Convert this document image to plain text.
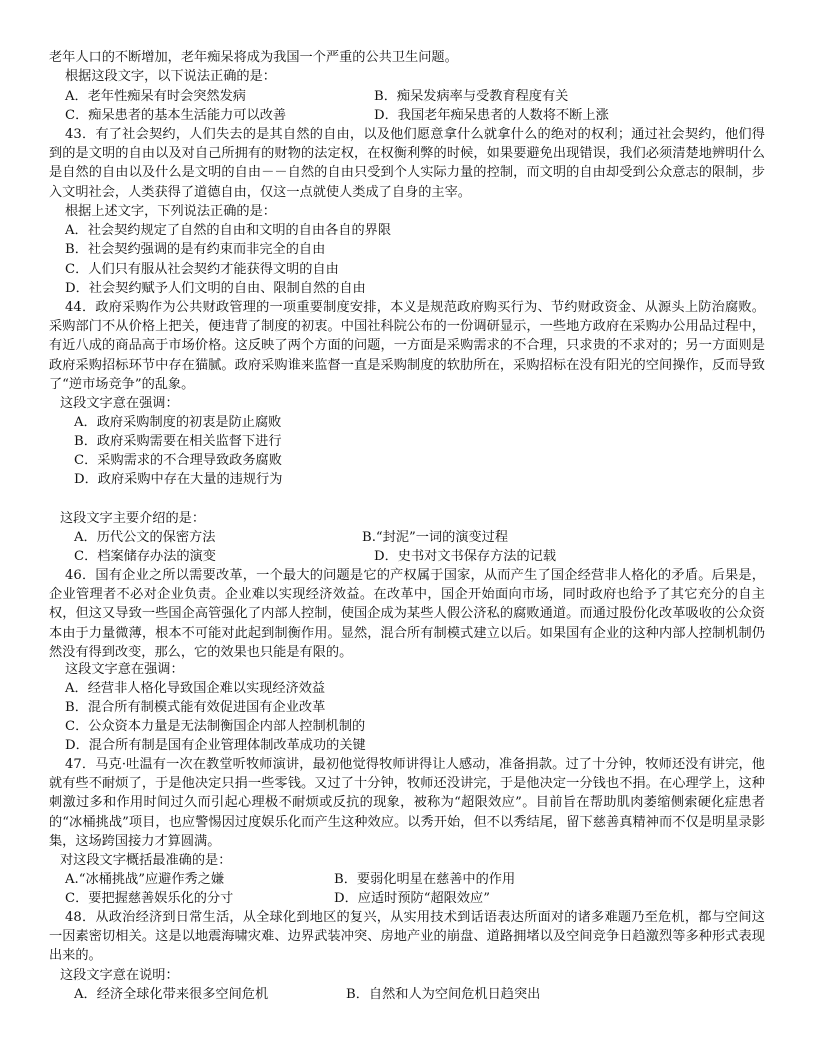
老年人口的不断增加，老年痴呆将成为我国一个严重的公共卫生问题。
根据这段文字，以下说法正确的是：
A．老年性痴呆有时会突然发病	B．痴呆发病率与受教育程度有关
C．痴呆患者的基本生活能力可以改善	D．我国老年痴呆患者的人数将不断上涨
43．有了社会契约，人们失去的是其自然的自由，以及他们愿意拿什么就拿什么的绝对的权利；通过社会契约，他们得到的是文明的自由以及对自己所拥有的财物的法定权，在权衡利弊的时候，如果要避免出现错误，我们必须清楚地辨明什么是自然的自由以及什么是文明的自由－－自然的自由只受到个人实际力量的控制，而文明的自由却受到公众意志的限制，步入文明社会，人类获得了道德自由，仅这一点就使人类成了自身的主宰。
根据上述文字，下列说法正确的是：
A．社会契约规定了自然的自由和文明的自由各自的界限
B．社会契约强调的是有约束而非完全的自由
C．人们只有服从社会契约才能获得文明的自由
D．社会契约赋予人们文明的自由、限制自然的自由
44．政府采购作为公共财政管理的一项重要制度安排，本义是规范政府购买行为、节约财政资金、从源头上防治腐败。采购部门不从价格上把关，便违背了制度的初衷。中国社科院公布的一份调研显示，一些地方政府在采购办公用品过程中，有近八成的商品高于市场价格。这反映了两个方面的问题，一方面是采购需求的不合理，只求贵的不求对的；另一方面则是政府采购招标环节中存在猫腻。政府采购谁来监督一直是采购制度的软肋所在，采购招标在没有阳光的空间操作，反而导致了“逆市场竞争”的乱象。
这段文字意在强调：
A．政府采购制度的初衷是防止腐败
B．政府采购需要在相关监督下进行
C．采购需求的不合理导致政务腐败
D．政府采购中存在大量的违规行为
这段文字主要介绍的是：
A．历代公文的保密方法	B.“封泥”一词的演变过程
C．档案储存办法的演变	D．史书对文书保存方法的记载
46．国有企业之所以需要改革，一个最大的问题是它的产权属于国家，从而产生了国企经营非人格化的矛盾。后果是，企业管理者不必对企业负责。企业难以实现经济效益。在改革中，国企开始面向市场，同时政府也给予了其它充分的自主权，但这又导致一些国企高管强化了内部人控制，使国企成为某些人假公济私的腐败通道。而通过股份化改革吸收的公众资本由于力量微薄，根本不可能对此起到制衡作用。显然，混合所有制模式建立以后。如果国有企业的这种内部人控制机制仍然没有得到改变，那么，它的效果也只能是有限的。
这段文字意在强调：
A．经营非人格化导致国企难以实现经济效益
B．混合所有制模式能有效促进国有企业改革
C．公众资本力量是无法制衡国企内部人控制机制的
D．混合所有制是国有企业管理体制改革成功的关键
47．马克·吐温有一次在教堂听牧师演讲，最初他觉得牧师讲得让人感动，准备捐款。过了十分钟，牧师还没有讲完，他就有些不耐烦了，于是他决定只捐一些零钱。又过了十分钟，牧师还没讲完，于是他决定一分钱也不捐。在心理学上，这种刺激过多和作用时间过久而引起心理极不耐烦或反抗的现象，被称为“超限效应”。目前旨在帮助肌肉萎缩侧索硬化症患者的“冰桶挑战”项目，也应警惕因过度娱乐化而产生这种效应。以秀开始，但不以秀结尾，留下慈善真精神而不仅是明星录影集，这场跨国接力才算圆满。
对这段文字概括最准确的是：
A.“冰桶挑战”应避作秀之嫌	B．要弱化明星在慈善中的作用
C．要把握慈善娱乐化的分寸	D．应适时预防“超限效应”
48．从政治经济到日常生活，从全球化到地区的复兴，从实用技术到话语表达所面对的诸多难题乃至危机，都与空间这一因素密切相关。这是以地震海啸灾难、边界武装冲突、房地产业的崩盘、道路拥堵以及空间竞争日趋激烈等多种形式表现出来的。
这段文字意在说明：
A．经济全球化带来很多空间危机	B．自然和人为空间危机日趋突出
